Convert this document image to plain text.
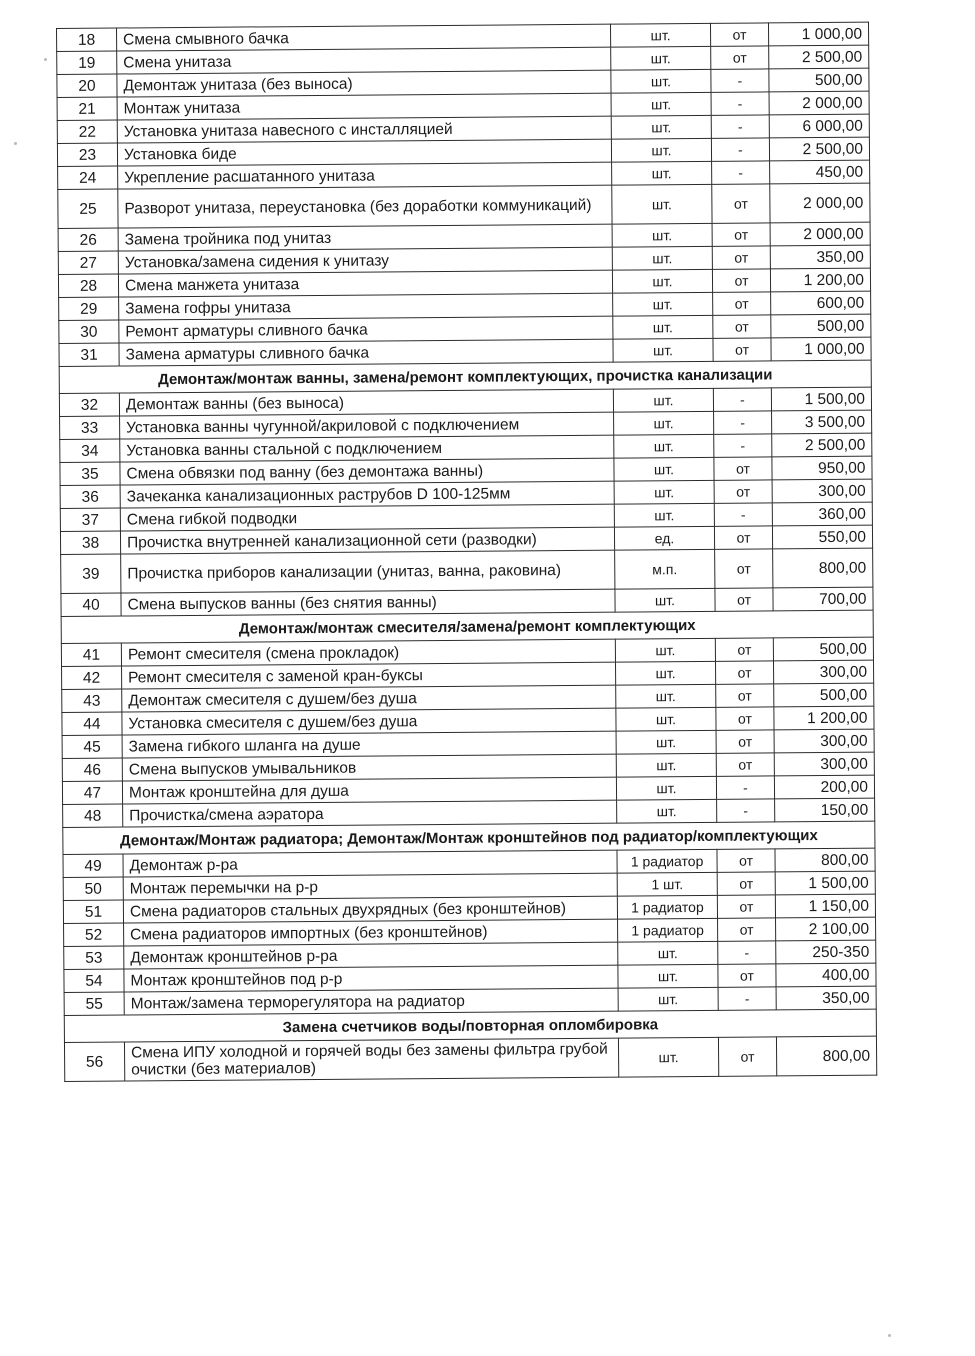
18	Смена смывного бачка	шт.	от	1 000,00
19	Смена унитаза	шт.	от	2 500,00
20	Демонтаж унитаза (без выноса)	шт.	-	500,00
21	Монтаж унитаза	шт.	-	2 000,00
22	Установка унитаза навесного с инсталляцией	шт.	-	6 000,00
23	Установка биде	шт.	-	2 500,00
24	Укрепление расшатанного унитаза	шт.	-	450,00
25	Разворот унитаза, переустановка (без доработки коммуникаций)	шт.	от	2 000,00
26	Замена тройника под унитаз	шт.	от	2 000,00
27	Установка/замена сидения к унитазу	шт.	от	350,00
28	Смена манжета унитаза	шт.	от	1 200,00
29	Замена гофры унитаза	шт.	от	600,00
30	Ремонт арматуры сливного бачка	шт.	от	500,00
31	Замена арматуры сливного бачка	шт.	от	1 000,00
Демонтаж/монтаж ванны, замена/ремонт комплектующих, прочистка канализации				
32	Демонтаж ванны (без выноса)	шт.	-	1 500,00
33	Установка ванны чугунной/акриловой с подключением	шт.	-	3 500,00
34	Установка ванны стальной с подключением	шт.	-	2 500,00
35	Смена обвязки под ванну (без демонтажа ванны)	шт.	от	950,00
36	Зачеканка канализационных раструбов D 100-125мм	шт.	от	300,00
37	Смена гибкой подводки	шт.	-	360,00
38	Прочистка внутренней канализационной сети (разводки)	ед.	от	550,00
39	Прочистка приборов канализации (унитаз, ванна, раковина)	м.п.	от	800,00
40	Смена выпусков ванны (без снятия ванны)	шт.	от	700,00
Демонтаж/монтаж смесителя/замена/ремонт комплектующих				
41	Ремонт смесителя (смена прокладок)	шт.	от	500,00
42	Ремонт смесителя с заменой кран-буксы	шт.	от	300,00
43	Демонтаж смесителя с душем/без душа	шт.	от	500,00
44	Установка смесителя с душем/без душа	шт.	от	1 200,00
45	Замена гибкого шланга на душе	шт.	от	300,00
46	Смена выпусков умывальников	шт.	от	300,00
47	Монтаж кронштейна для душа	шт.	-	200,00
48	Прочистка/смена аэратора	шт.	-	150,00
Демонтаж/Монтаж радиатора; Демонтаж/Монтаж кронштейнов под радиатор/комплектующих				
49	Демонтаж р-ра	1 радиатор	от	800,00
50	Монтаж перемычки на р-р	1 шт.	от	1 500,00
51	Смена радиаторов стальных двухрядных (без кронштейнов)	1 радиатор	от	1 150,00
52	Смена радиаторов импортных (без кронштейнов)	1 радиатор	от	2 100,00
53	Демонтаж кронштейнов р-ра	шт.	-	250-350
54	Монтаж кронштейнов под р-р	шт.	от	400,00
55	Монтаж/замена терморегулятора на радиатор	шт.	-	350,00
Замена счетчиков воды/повторная опломбировка				
56	Смена ИПУ холодной и горячей воды без замены фильтра грубой очистки (без материалов)	шт.	от	800,00
